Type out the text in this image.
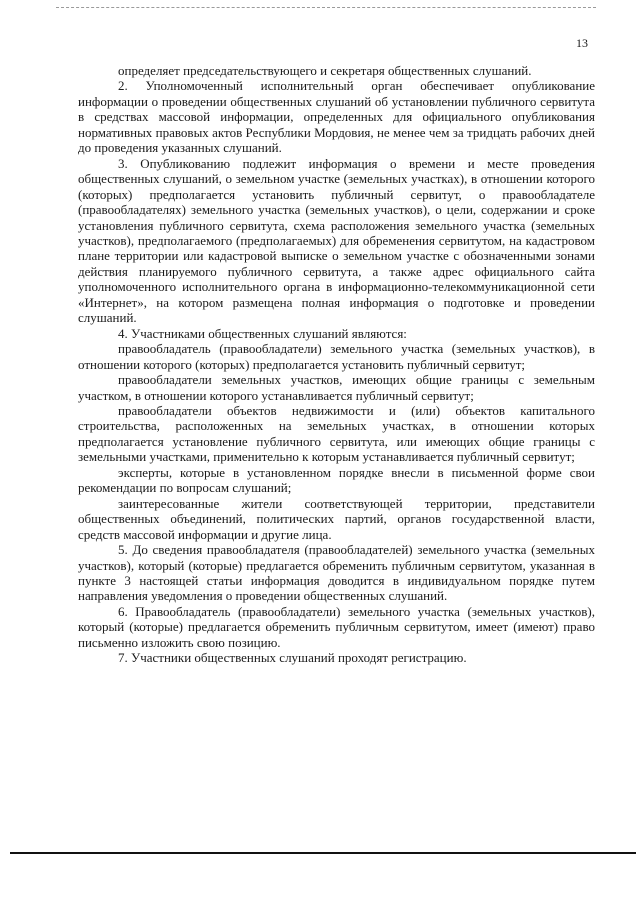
13

определяет председательствующего и секретаря общественных слушаний.

2. Уполномоченный исполнительный орган обеспечивает опубликование информации о проведении общественных слушаний об установлении публичного сервитута в средствах массовой информации, определенных для официального опубликования нормативных правовых актов Республики Мордовия, не менее чем за тридцать рабочих дней до проведения указанных слушаний.

3. Опубликованию подлежит информация о времени и месте проведения общественных слушаний, о земельном участке (земельных участках), в отношении которого (которых) предполагается установить публичный сервитут, о правообладателе (правообладателях) земельного участка (земельных участков), о цели, содержании и сроке установления публичного сервитута, схема расположения земельного участка (земельных участков), предполагаемого (предполагаемых) для обременения сервитутом, на кадастровом плане территории или кадастровой выписке о земельном участке с обозначенными зонами действия планируемого публичного сервитута, а также адрес официального сайта уполномоченного исполнительного органа в информационно-телекоммуникационной сети «Интернет», на котором размещена полная информация о подготовке и проведении слушаний.

4. Участниками общественных слушаний являются:

правообладатель (правообладатели) земельного участка (земельных участков), в отношении которого (которых) предполагается установить публичный сервитут;

правообладатели земельных участков, имеющих общие границы с земельным участком, в отношении которого устанавливается публичный сервитут;

правообладатели объектов недвижимости и (или) объектов капитального строительства, расположенных на земельных участках, в отношении которых предполагается установление публичного сервитута, или имеющих общие границы с земельными участками, применительно к которым устанавливается публичный сервитут;

эксперты, которые в установленном порядке внесли в письменной форме свои рекомендации по вопросам слушаний;

заинтересованные жители соответствующей территории, представители общественных объединений, политических партий, органов государственной власти, средств массовой информации и другие лица.

5. До сведения правообладателя (правообладателей) земельного участка (земельных участков), который (которые) предлагается обременить публичным сервитутом, указанная в пункте 3 настоящей статьи информация доводится в индивидуальном порядке путем направления уведомления о проведении общественных слушаний.

6. Правообладатель (правообладатели) земельного участка (земельных участков), который (которые) предлагается обременить публичным сервитутом, имеет (имеют) право письменно изложить свою позицию.

7. Участники общественных слушаний проходят регистрацию.
